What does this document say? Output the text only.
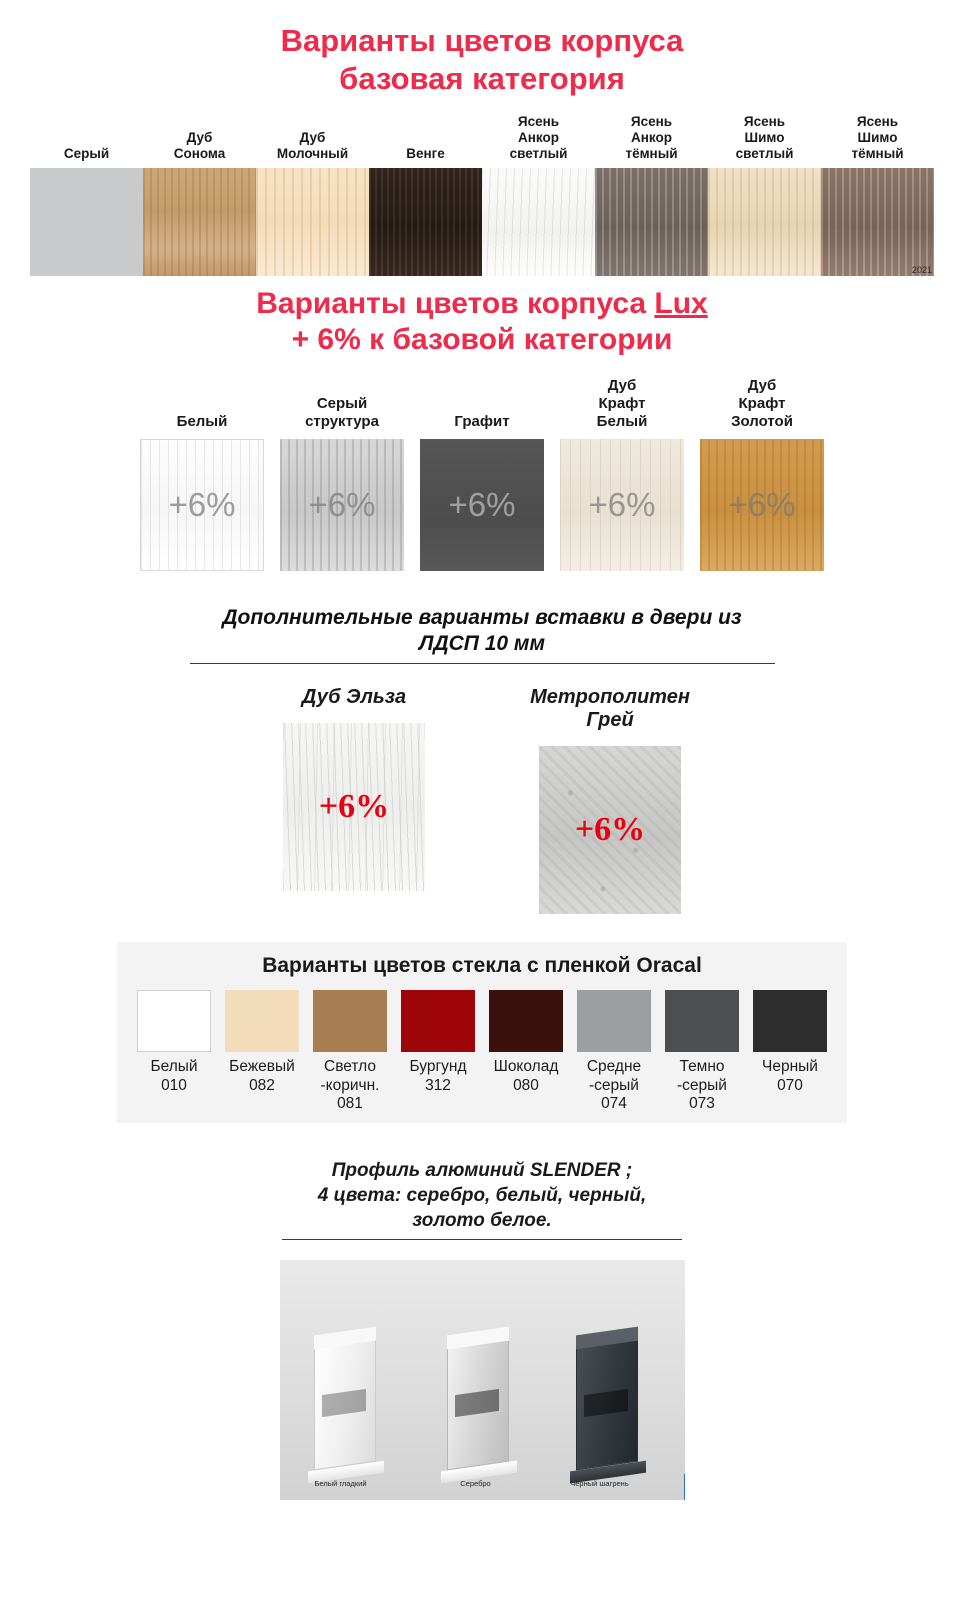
Варианты цветов корпуса
базовая категория
Серый
Дуб
Сонома
Дуб
Молочный	Венге
Ясень
Анкор
светлый
Ясень
Анкор
тёмный
Ясень
Шимо
светлый
Ясень
Шимо
тёмный
2021
Варианты цветов корпуса Lux
+ 6% к базовой категории
Белый
+6%
Серый
структура
+6%
Графит
+6%
Дуб
Крафт
Белый
+6%
Дуб
Крафт
Золотой
+6%
Дополнительные варианты вставки в двери из
ЛДСП 10 мм
Дуб Эльза
+6%
Метрополитен Грей
+6%
Варианты цветов стекла с пленкой Oracal
Белый
010
Бежевый
082
Светло
-коричн.
081
Бургунд
312
Шоколад
080
Средне
-серый
074
Темно
-серый
073
Черный
070
Профиль алюминий SLENDER ;
4 цвета: серебро, белый, черный,
золото белое.
Белый гладкий	Серебро	Чёрный шагрень
